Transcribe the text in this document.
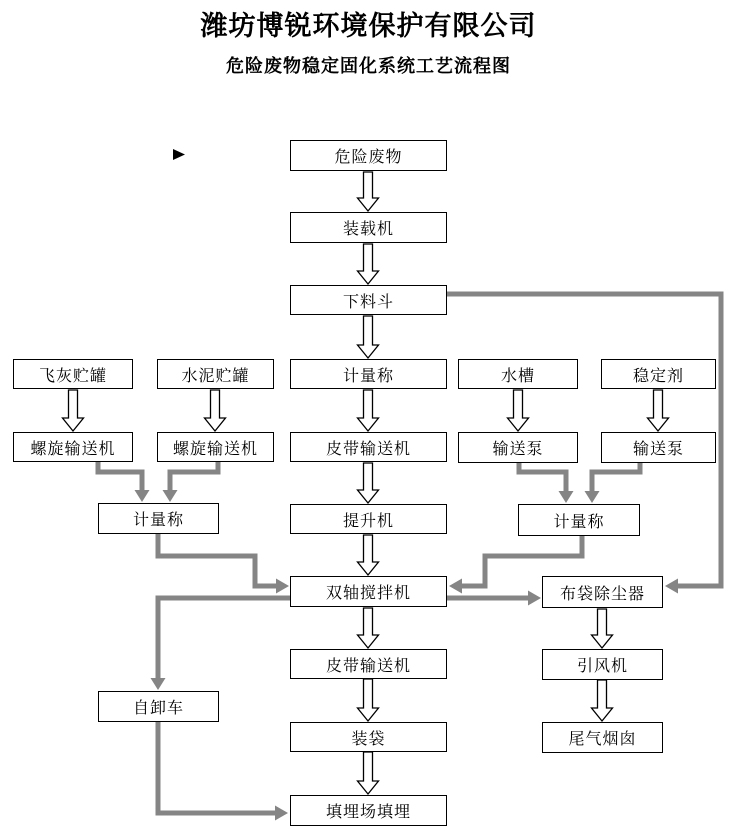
潍坊博锐环境保护有限公司
危险废物稳定固化系统工艺流程图
危险废物
装载机
下料斗
飞灰贮罐	水泥贮罐	计量称	水槽	稳定剂
螺旋输送机	螺旋输送机	皮带输送机	输送泵	输送泵
计量称	提升机	计量称
双轴搅拌机	布袋除尘器
皮带输送机	引风机
自卸车
装袋	尾气烟囱
填埋场填埋
